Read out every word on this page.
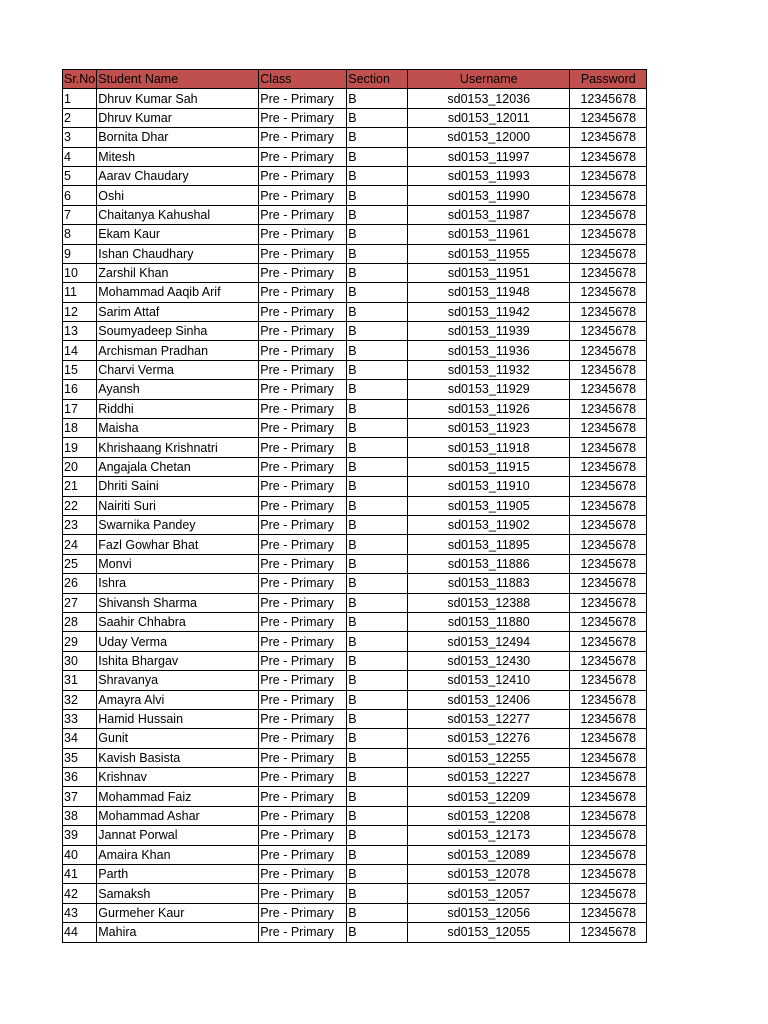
Sr.No	Student Name	Class	Section	Username	Password
1	Dhruv Kumar Sah	Pre - Primary	B	sd0153_12036	12345678
2	Dhruv Kumar	Pre - Primary	B	sd0153_12011	12345678
3	Bornita Dhar	Pre - Primary	B	sd0153_12000	12345678
4	Mitesh	Pre - Primary	B	sd0153_11997	12345678
5	Aarav Chaudary	Pre - Primary	B	sd0153_11993	12345678
6	Oshi	Pre - Primary	B	sd0153_11990	12345678
7	Chaitanya Kahushal	Pre - Primary	B	sd0153_11987	12345678
8	Ekam Kaur	Pre - Primary	B	sd0153_11961	12345678
9	Ishan Chaudhary	Pre - Primary	B	sd0153_11955	12345678
10	Zarshil Khan	Pre - Primary	B	sd0153_11951	12345678
11	Mohammad Aaqib Arif	Pre - Primary	B	sd0153_11948	12345678
12	Sarim Attaf	Pre - Primary	B	sd0153_11942	12345678
13	Soumyadeep Sinha	Pre - Primary	B	sd0153_11939	12345678
14	Archisman Pradhan	Pre - Primary	B	sd0153_11936	12345678
15	Charvi Verma	Pre - Primary	B	sd0153_11932	12345678
16	Ayansh	Pre - Primary	B	sd0153_11929	12345678
17	Riddhi	Pre - Primary	B	sd0153_11926	12345678
18	Maisha	Pre - Primary	B	sd0153_11923	12345678
19	Khrishaang Krishnatri	Pre - Primary	B	sd0153_11918	12345678
20	Angajala Chetan	Pre - Primary	B	sd0153_11915	12345678
21	Dhriti Saini	Pre - Primary	B	sd0153_11910	12345678
22	Nairiti Suri	Pre - Primary	B	sd0153_11905	12345678
23	Swarnika Pandey	Pre - Primary	B	sd0153_11902	12345678
24	Fazl Gowhar Bhat	Pre - Primary	B	sd0153_11895	12345678
25	Monvi	Pre - Primary	B	sd0153_11886	12345678
26	Ishra	Pre - Primary	B	sd0153_11883	12345678
27	Shivansh Sharma	Pre - Primary	B	sd0153_12388	12345678
28	Saahir Chhabra	Pre - Primary	B	sd0153_11880	12345678
29	Uday Verma	Pre - Primary	B	sd0153_12494	12345678
30	Ishita Bhargav	Pre - Primary	B	sd0153_12430	12345678
31	Shravanya	Pre - Primary	B	sd0153_12410	12345678
32	Amayra Alvi	Pre - Primary	B	sd0153_12406	12345678
33	Hamid Hussain	Pre - Primary	B	sd0153_12277	12345678
34	Gunit	Pre - Primary	B	sd0153_12276	12345678
35	Kavish Basista	Pre - Primary	B	sd0153_12255	12345678
36	Krishnav	Pre - Primary	B	sd0153_12227	12345678
37	Mohammad Faiz	Pre - Primary	B	sd0153_12209	12345678
38	Mohammad Ashar	Pre - Primary	B	sd0153_12208	12345678
39	Jannat Porwal	Pre - Primary	B	sd0153_12173	12345678
40	Amaira Khan	Pre - Primary	B	sd0153_12089	12345678
41	Parth	Pre - Primary	B	sd0153_12078	12345678
42	Samaksh	Pre - Primary	B	sd0153_12057	12345678
43	Gurmeher Kaur	Pre - Primary	B	sd0153_12056	12345678
44	Mahira	Pre - Primary	B	sd0153_12055	12345678
